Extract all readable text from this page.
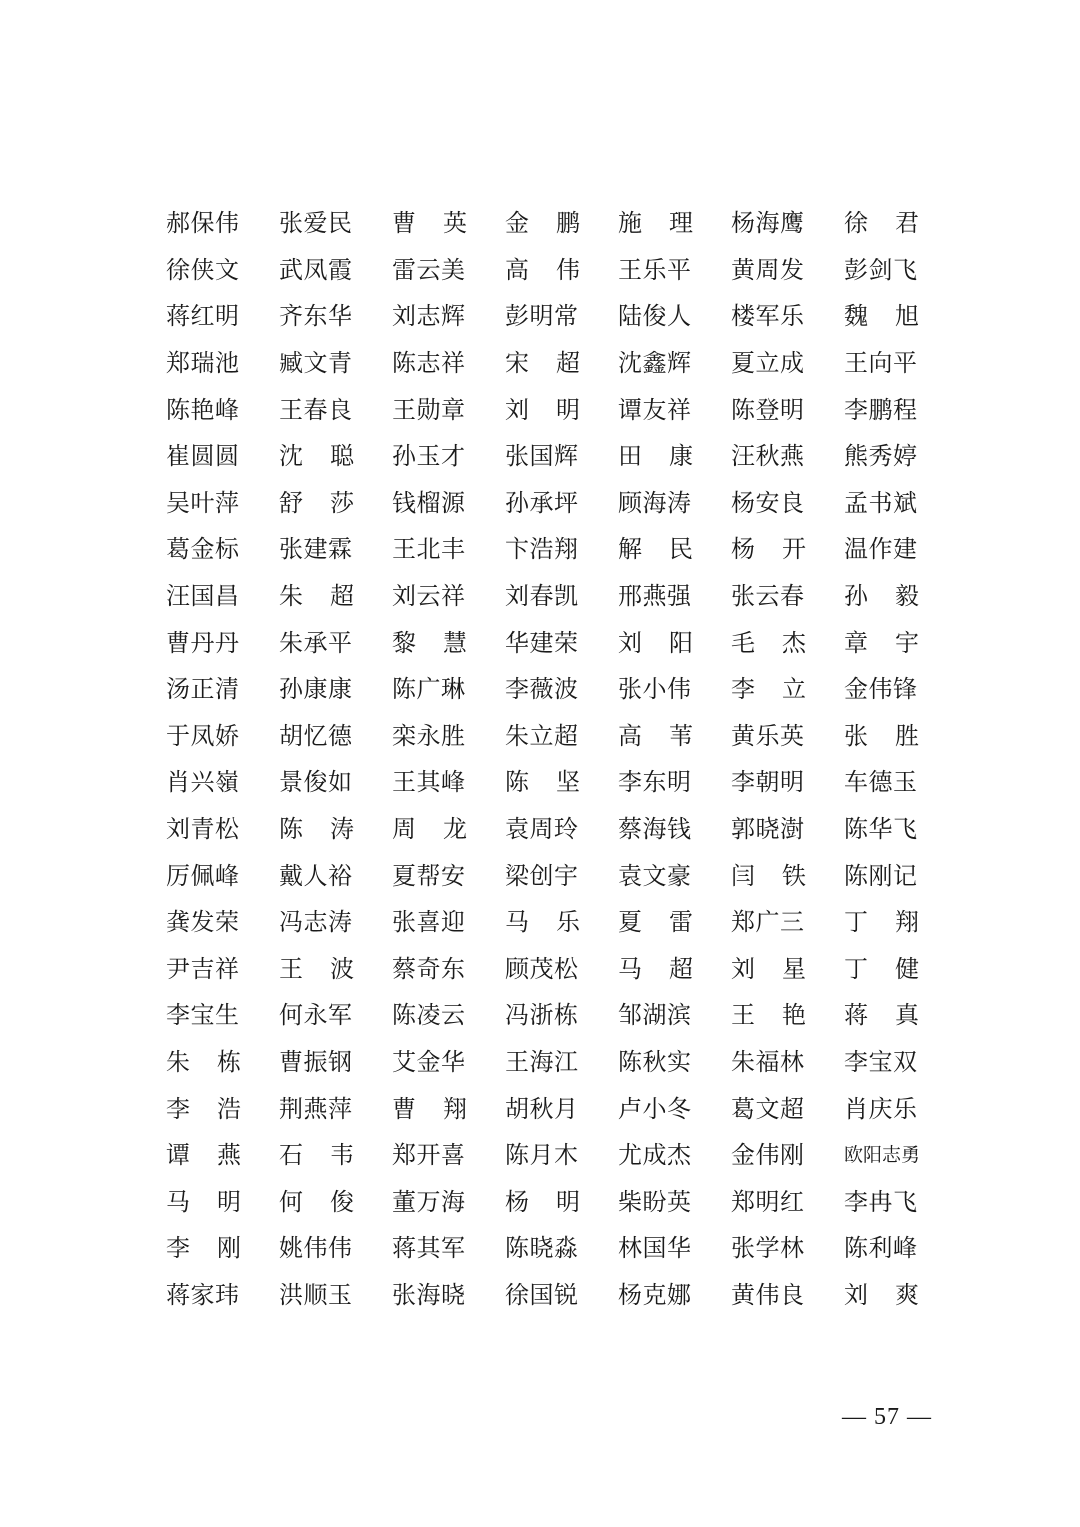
郝 保 伟 张 爱 民 曹 英 金 鹏 施 理 杨 海 鹰 徐 君
徐 侠 文 武 凤 霞 雷 云 美 高 伟 王 乐 平 黄 周 发 彭 剑 飞
蒋 红 明 齐 东 华 刘 志 辉 彭 明 常 陆 俊 人 楼 军 乐 魏 旭
郑 瑞 池 臧 文 青 陈 志 祥 宋 超 沈 鑫 辉 夏 立 成 王 向 平
陈 艳 峰 王 春 良 王 勋 章 刘 明 谭 友 祥 陈 登 明 李 鹏 程
崔 圆 圆 沈 聪 孙 玉 才 张 国 辉 田 康 汪 秋 燕 熊 秀 婷
吴 叶 萍 舒 莎 钱 榴 源 孙 承 坪 顾 海 涛 杨 安 良 孟 书 斌
葛 金 标 张 建 霖 王 北 丰 卞 浩 翔 解 民 杨 开 温 作 建
汪 国 昌 朱 超 刘 云 祥 刘 春 凯 邢 燕 强 张 云 春 孙 毅
曹 丹 丹 朱 承 平 黎 慧 华 建 荣 刘 阳 毛 杰 章 宇
汤 正 清 孙 康 康 陈 广 琳 李 薇 波 张 小 伟 李 立 金 伟 锋
于 凤 娇 胡 忆 德 栾 永 胜 朱 立 超 高 苇 黄 乐 英 张 胜
肖 兴 嶺 景 俊 如 王 其 峰 陈 坚 李 东 明 李 朝 明 车 德 玉
刘 青 松 陈 涛 周 龙 袁 周 玲 蔡 海 钱 郭 晓 澍 陈 华 飞
厉 佩 峰 戴 人 裕 夏 帮 安 梁 创 宇 袁 文 豪 闫 铁 陈 刚 记
龚 发 荣 冯 志 涛 张 喜 迎 马 乐 夏 雷 郑 广 三 丁 翔
尹 吉 祥 王 波 蔡 奇 东 顾 茂 松 马 超 刘 星 丁 健
李 宝 生 何 永 军 陈 凌 云 冯 浙 栋 邹 湖 滨 王 艳 蒋 真
朱 栋 曹 振 钢 艾 金 华 王 海 江 陈 秋 实 朱 福 林 李 宝 双
李 浩 荆 燕 萍 曹 翔 胡 秋 月 卢 小 冬 葛 文 超 肖 庆 乐
谭 燕 石 韦 郑 开 喜 陈 月 木 尤 成 杰 金 伟 刚 欧 阳 志 勇
马 明 何 俊 董 万 海 杨 明 柴 盼 英 郑 明 红 李 冉 飞
李 刚 姚 伟 伟 蒋 其 军 陈 晓 淼 林 国 华 张 学 林 陈 利 峰
蒋 家 玮 洪 顺 玉 张 海 晓 徐 国 锐 杨 克 娜 黄 伟 良 刘 爽
— 57 —
